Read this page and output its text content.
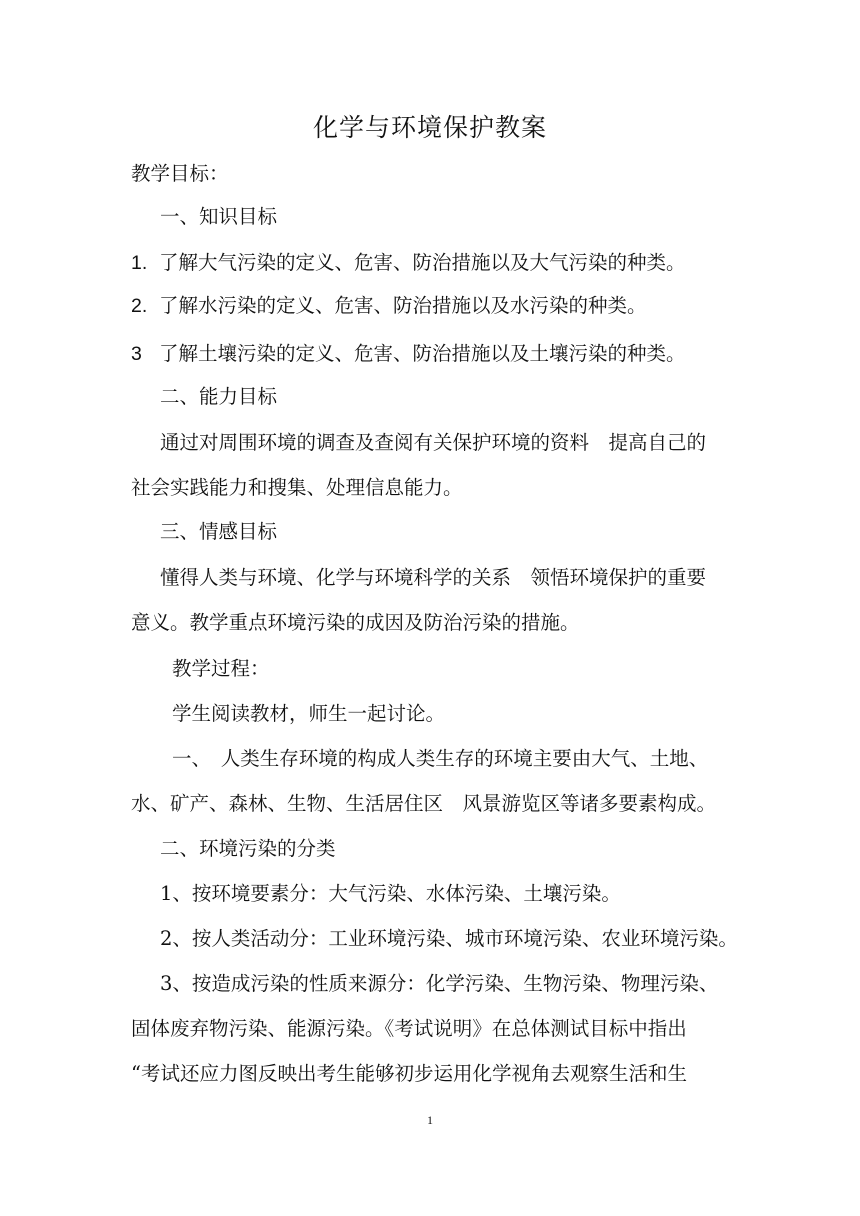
化学与环境保护教案
教学目标：
一、知识目标
1. 了解大气污染的定义、危害、防治措施以及大气污染的种类。
2. 了解水污染的定义、危害、防治措施以及水污染的种类。
3 了解土壤污染的定义、危害、防治措施以及土壤污染的种类。
二、能力目标
通过对周围环境的调查及查阅有关保护环境的资料　提高自己的
社会实践能力和搜集、处理信息能力。
三、情感目标
懂得人类与环境、化学与环境科学的关系　领悟环境保护的重要
意义。教学重点环境污染的成因及防治污染的措施。
教学过程：
学生阅读教材，师生一起讨论。
一、　人类生存环境的构成人类生存的环境主要由大气、土地、
水、矿产、森林、生物、生活居住区　风景游览区等诸多要素构成。
二、环境污染的分类
1、按环境要素分：大气污染、水体污染、土壤污染。
2、按人类活动分：工业环境污染、城市环境污染、农业环境污染。
3、按造成污染的性质来源分：化学污染、生物污染、物理污染、
固体废弃物污染、能源污染。《考试说明》在总体测试目标中指出
“考试还应力图反映出考生能够初步运用化学视角去观察生活和生
1
